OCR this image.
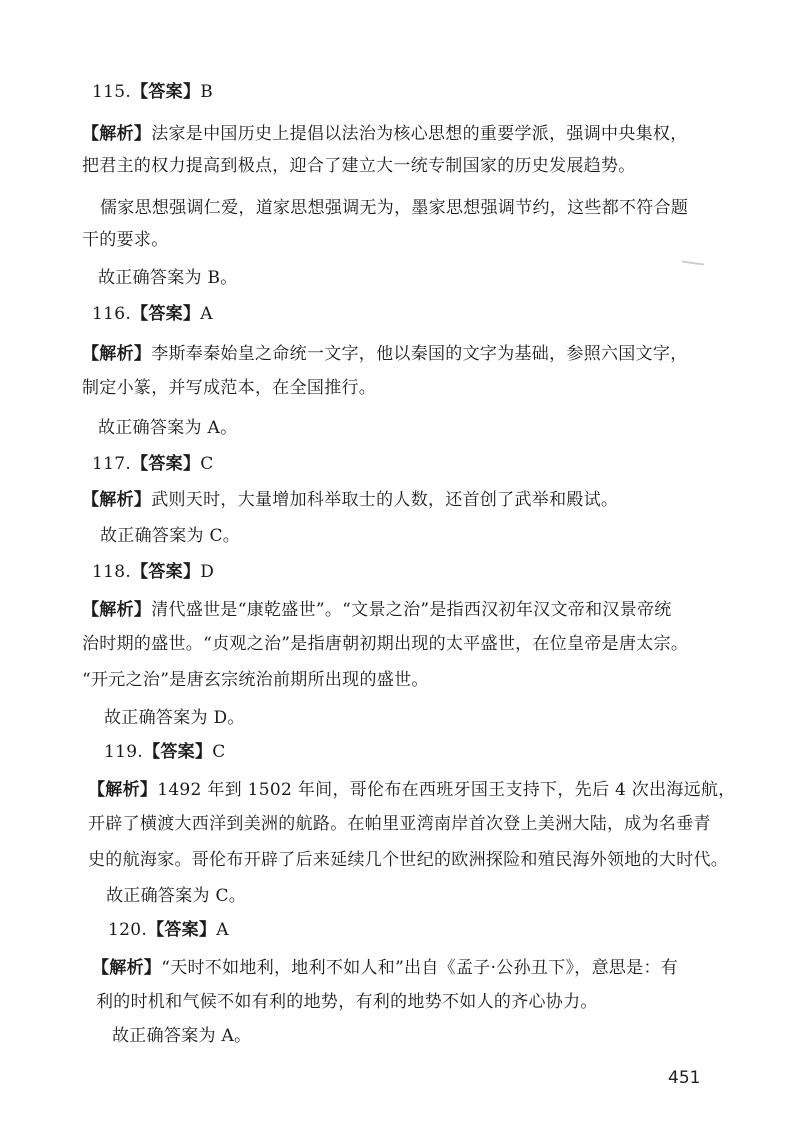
115.【答案】B
【解析】法家是中国历史上提倡以法治为核心思想的重要学派，强调中央集权，
把君主的权力提高到极点，迎合了建立大一统专制国家的历史发展趋势。
儒家思想强调仁爱，道家思想强调无为，墨家思想强调节约，这些都不符合题
干的要求。
故正确答案为 B。
116.【答案】A
【解析】李斯奉秦始皇之命统一文字，他以秦国的文字为基础，参照六国文字，
制定小篆，并写成范本，在全国推行。
故正确答案为 A。
117.【答案】C
【解析】武则天时，大量增加科举取士的人数，还首创了武举和殿试。
故正确答案为 C。
118.【答案】D
【解析】清代盛世是“康乾盛世”。“文景之治”是指西汉初年汉文帝和汉景帝统
治时期的盛世。“贞观之治”是指唐朝初期出现的太平盛世，在位皇帝是唐太宗。
“开元之治”是唐玄宗统治前期所出现的盛世。
故正确答案为 D。
119.【答案】C
【解析】1492 年到 1502 年间，哥伦布在西班牙国王支持下，先后 4 次出海远航，
开辟了横渡大西洋到美洲的航路。在帕里亚湾南岸首次登上美洲大陆，成为名垂青
史的航海家。哥伦布开辟了后来延续几个世纪的欧洲探险和殖民海外领地的大时代。
故正确答案为 C。
120.【答案】A
【解析】“天时不如地利，地利不如人和”出自《孟子·公孙丑下》，意思是：有
利的时机和气候不如有利的地势，有利的地势不如人的齐心协力。
故正确答案为 A。
451
